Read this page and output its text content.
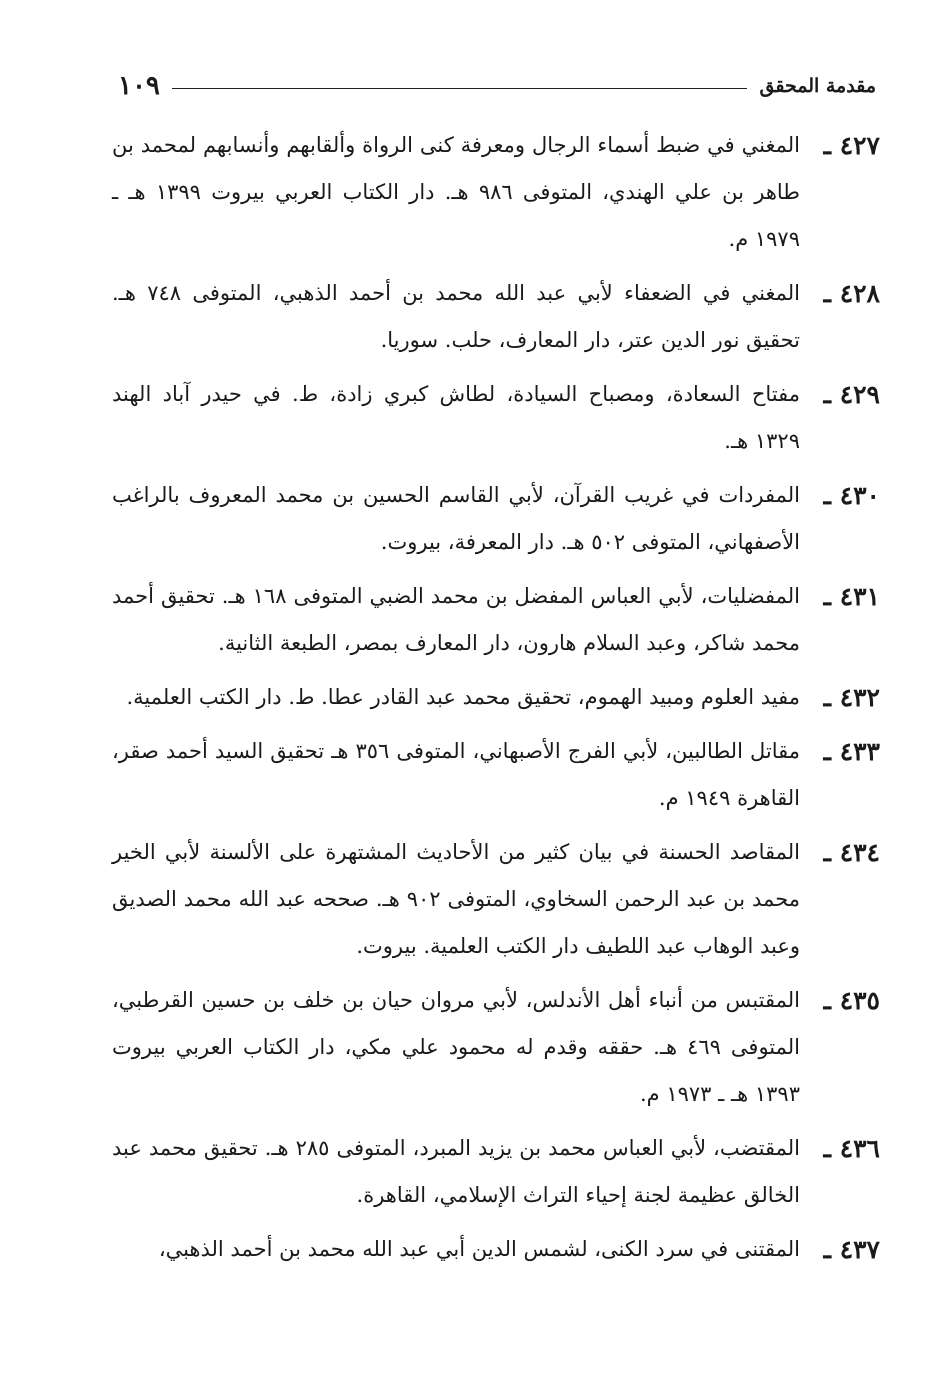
مقدمة المحقق
١٠٩
٤٢٧ ـ
المغني في ضبط أسماء الرجال ومعرفة كنى الرواة وألقابهم وأنسابهم لمحمد بن طاهر بن علي الهندي، المتوفى ٩٨٦ هـ. دار الكتاب العربي بيروت ١٣٩٩ هـ ـ ١٩٧٩ م.
٤٢٨ ـ
المغني في الضعفاء لأبي عبد الله محمد بن أحمد الذهبي، المتوفى ٧٤٨ هـ. تحقيق نور الدين عتر، دار المعارف، حلب. سوريا.
٤٢٩ ـ
مفتاح السعادة، ومصباح السيادة، لطاش كبري زادة، ط. في حيدر آباد الهند ١٣٢٩ هـ.
٤٣٠ ـ
المفردات في غريب القرآن، لأبي القاسم الحسين بن محمد المعروف بالراغب الأصفهاني، المتوفى ٥٠٢ هـ. دار المعرفة، بيروت.
٤٣١ ـ
المفضليات، لأبي العباس المفضل بن محمد الضبي المتوفى ١٦٨ هـ. تحقيق أحمد محمد شاكر، وعبد السلام هارون، دار المعارف بمصر، الطبعة الثانية.
٤٣٢ ـ
مفيد العلوم ومبيد الهموم، تحقيق محمد عبد القادر عطا. ط. دار الكتب العلمية.
٤٣٣ ـ
مقاتل الطالبين، لأبي الفرج الأصبهاني، المتوفى ٣٥٦ هـ تحقيق السيد أحمد صقر، القاهرة ١٩٤٩ م.
٤٣٤ ـ
المقاصد الحسنة في بيان كثير من الأحاديث المشتهرة على الألسنة لأبي الخير محمد بن عبد الرحمن السخاوي، المتوفى ٩٠٢ هـ. صححه عبد الله محمد الصديق وعبد الوهاب عبد اللطيف دار الكتب العلمية. بيروت.
٤٣٥ ـ
المقتبس من أنباء أهل الأندلس، لأبي مروان حيان بن خلف بن حسين القرطبي، المتوفى ٤٦٩ هـ. حققه وقدم له محمود علي مكي، دار الكتاب العربي بيروت ١٣٩٣ هـ ـ ١٩٧٣ م.
٤٣٦ ـ
المقتضب، لأبي العباس محمد بن يزيد المبرد، المتوفى ٢٨٥ هـ. تحقيق محمد عبد الخالق عظيمة لجنة إحياء التراث الإسلامي، القاهرة.
٤٣٧ ـ
المقتنى في سرد الكنى، لشمس الدين أبي عبد الله محمد بن أحمد الذهبي،
